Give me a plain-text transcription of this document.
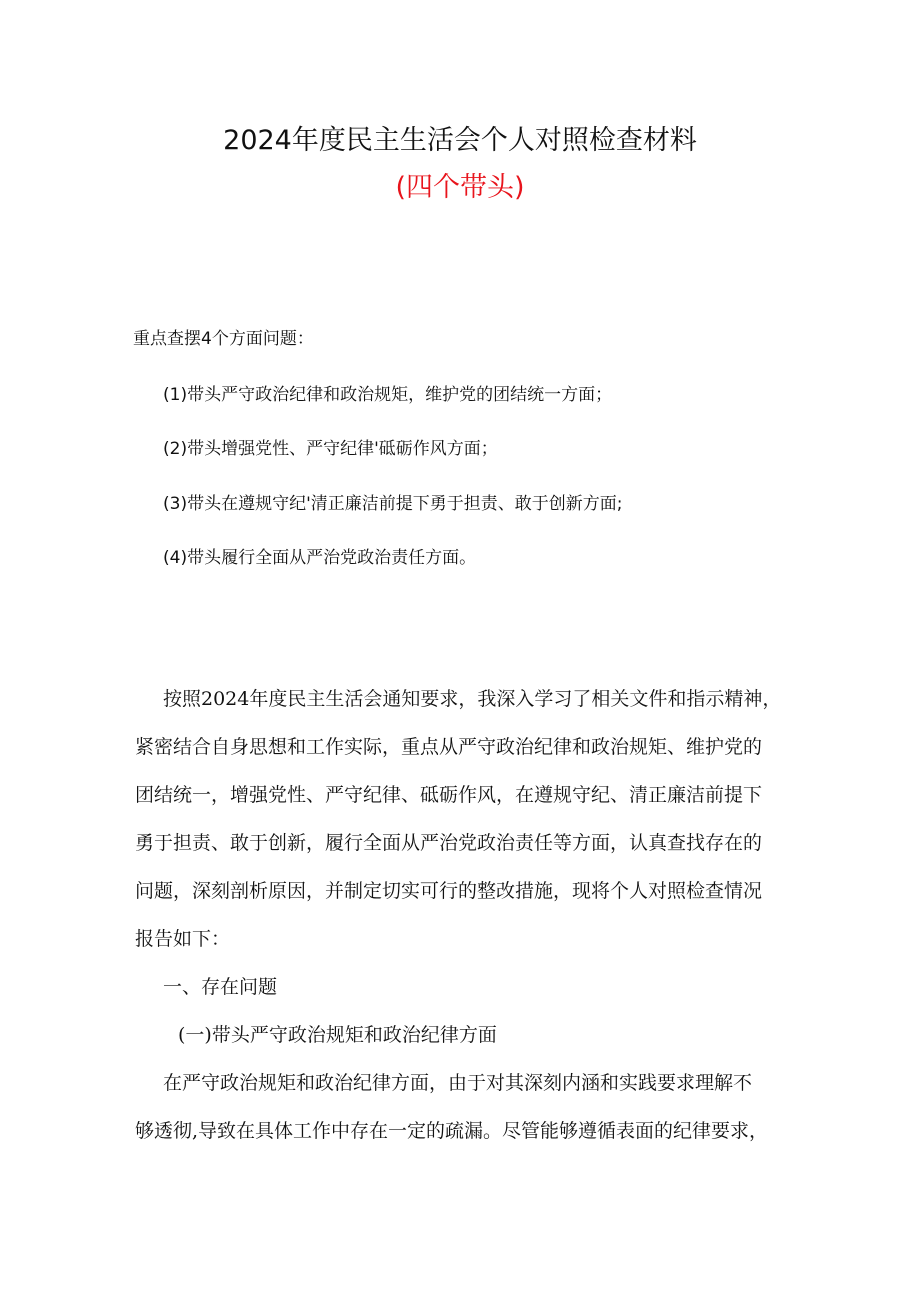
2024年度民主生活会个人对照检查材料
(四个带头)
重点查摆4个方面问题：
(1)带头严守政治纪律和政治规矩，维护党的团结统一方面；
(2)带头增强党性、严守纪律'砥砺作风方面；
(3)带头在遵规守纪'清正廉洁前提下勇于担责、敢于创新方面;
(4)带头履行全面从严治党政治责任方面。
按照2024年度民主生活会通知要求，我深入学习了相关文件和指示精神，
紧密结合自身思想和工作实际，重点从严守政治纪律和政治规矩、维护党的
团结统一，增强党性、严守纪律、砥砺作风，在遵规守纪、清正廉洁前提下
勇于担责、敢于创新，履行全面从严治党政治责任等方面，认真查找存在的
问题，深刻剖析原因，并制定切实可行的整改措施，现将个人对照检查情况
报告如下：
一、存在问题
(一)带头严守政治规矩和政治纪律方面
在严守政治规矩和政治纪律方面，由于对其深刻内涵和实践要求理解不
够透彻,导致在具体工作中存在一定的疏漏。尽管能够遵循表面的纪律要求，
